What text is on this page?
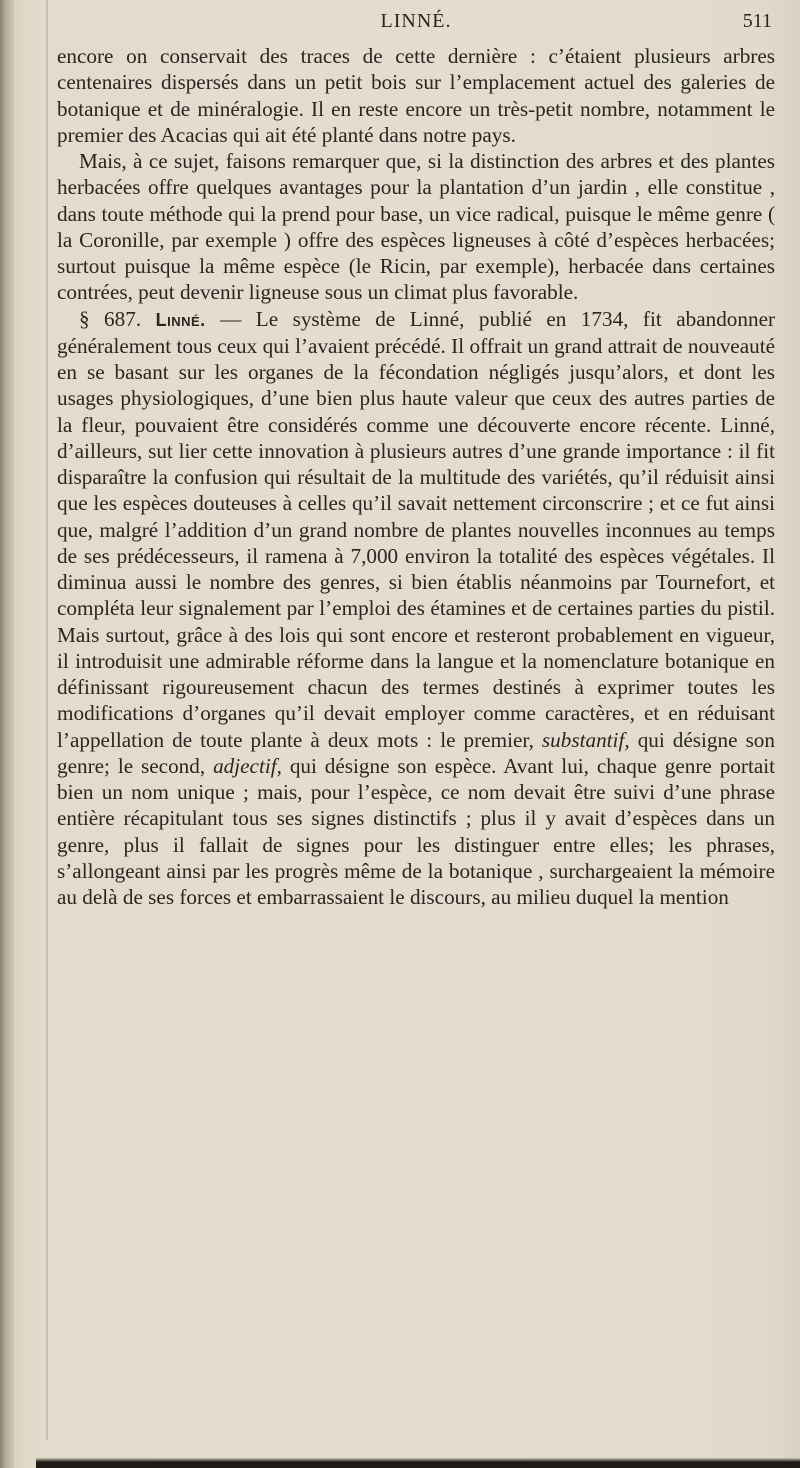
LINNÉ.	511

encore on conservait des traces de cette dernière : c’étaient plusieurs arbres centenaires dispersés dans un petit bois sur l’emplacement actuel des galeries de botanique et de minéralogie. Il en reste encore un très-petit nombre, notamment le premier des Acacias qui ait été planté dans notre pays.

Mais, à ce sujet, faisons remarquer que, si la distinction des arbres et des plantes herbacées offre quelques avantages pour la plantation d’un jardin , elle constitue , dans toute méthode qui la prend pour base, un vice radical, puisque le même genre ( la Coronille, par exemple ) offre des espèces ligneuses à côté d’espèces herbacées; surtout puisque la même espèce (le Ricin, par exemple), herbacée dans certaines contrées, peut devenir ligneuse sous un climat plus favorable.

§ 687. Linné. — Le système de Linné, publié en 1734, fit abandonner généralement tous ceux qui l’avaient précédé. Il offrait un grand attrait de nouveauté en se basant sur les organes de la fécondation négligés jusqu’alors, et dont les usages physiologiques, d’une bien plus haute valeur que ceux des autres parties de la fleur, pouvaient être considérés comme une découverte encore récente. Linné, d’ailleurs, sut lier cette innovation à plusieurs autres d’une grande importance : il fit disparaître la confusion qui résultait de la multitude des variétés, qu’il réduisit ainsi que les espèces douteuses à celles qu’il savait nettement circonscrire ; et ce fut ainsi que, malgré l’addition d’un grand nombre de plantes nouvelles inconnues au temps de ses prédécesseurs, il ramena à 7,000 environ la totalité des espèces végétales. Il diminua aussi le nombre des genres, si bien établis néanmoins par Tournefort, et compléta leur signalement par l’emploi des étamines et de certaines parties du pistil. Mais surtout, grâce à des lois qui sont encore et resteront probablement en vigueur, il introduisit une admirable réforme dans la langue et la nomenclature botanique en définissant rigoureusement chacun des termes destinés à exprimer toutes les modifications d’organes qu’il devait employer comme caractères, et en réduisant l’appellation de toute plante à deux mots : le premier, substantif, qui désigne son genre; le second, adjectif, qui désigne son espèce. Avant lui, chaque genre portait bien un nom unique ; mais, pour l’espèce, ce nom devait être suivi d’une phrase entière récapitulant tous ses signes distinctifs ; plus il y avait d’espèces dans un genre, plus il fallait de signes pour les distinguer entre elles; les phrases, s’allongeant ainsi par les progrès même de la botanique , surchargeaient la mémoire au delà de ses forces et embarrassaient le discours, au milieu duquel la mention
